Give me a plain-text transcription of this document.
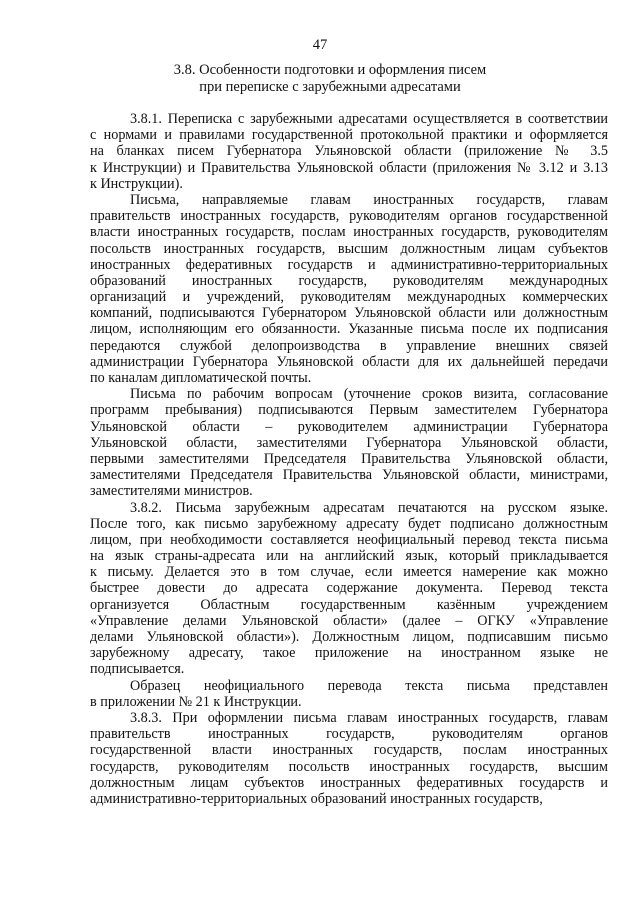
47
3.8. Особенности подготовки и оформления писем
при переписке с зарубежными адресатами
3.8.1. Переписка с зарубежными адресатами осуществляется в соответствии
с нормами и правилами государственной протокольной практики и оформляется
на бланках писем Губернатора Ульяновской области (приложение № 3.5
к Инструкции) и Правительства Ульяновской области (приложения № 3.12 и 3.13
к Инструкции).
Письма, направляемые главам иностранных государств, главам
правительств иностранных государств, руководителям органов государственной
власти иностранных государств, послам иностранных государств, руководителям
посольств иностранных государств, высшим должностным лицам субъектов
иностранных федеративных государств и административно-территориальных
образований иностранных государств, руководителям международных
организаций и учреждений, руководителям международных коммерческих
компаний, подписываются Губернатором Ульяновской области или должностным
лицом, исполняющим его обязанности. Указанные письма после их подписания
передаются службой делопроизводства в управление внешних связей
администрации Губернатора Ульяновской области для их дальнейшей передачи
по каналам дипломатической почты.
Письма по рабочим вопросам (уточнение сроков визита, согласование
программ пребывания) подписываются Первым заместителем Губернатора
Ульяновской области – руководителем администрации Губернатора
Ульяновской области, заместителями Губернатора Ульяновской области,
первыми заместителями Председателя Правительства Ульяновской области,
заместителями Председателя Правительства Ульяновской области, министрами,
заместителями министров.
3.8.2. Письма зарубежным адресатам печатаются на русском языке.
После того, как письмо зарубежному адресату будет подписано должностным
лицом, при необходимости составляется неофициальный перевод текста письма
на язык страны-адресата или на английский язык, который прикладывается
к письму. Делается это в том случае, если имеется намерение как можно
быстрее довести до адресата содержание документа. Перевод текста
организуется Областным государственным казённым учреждением
«Управление делами Ульяновской области» (далее – ОГКУ «Управление
делами Ульяновской области»). Должностным лицом, подписавшим письмо
зарубежному адресату, такое приложение на иностранном языке не
подписывается.
Образец неофициального перевода текста письма представлен
в приложении № 21 к Инструкции.
3.8.3. При оформлении письма главам иностранных государств, главам
правительств иностранных государств, руководителям органов
государственной власти иностранных государств, послам иностранных
государств, руководителям посольств иностранных государств, высшим
должностным лицам субъектов иностранных федеративных государств и
административно-территориальных образований иностранных государств,
